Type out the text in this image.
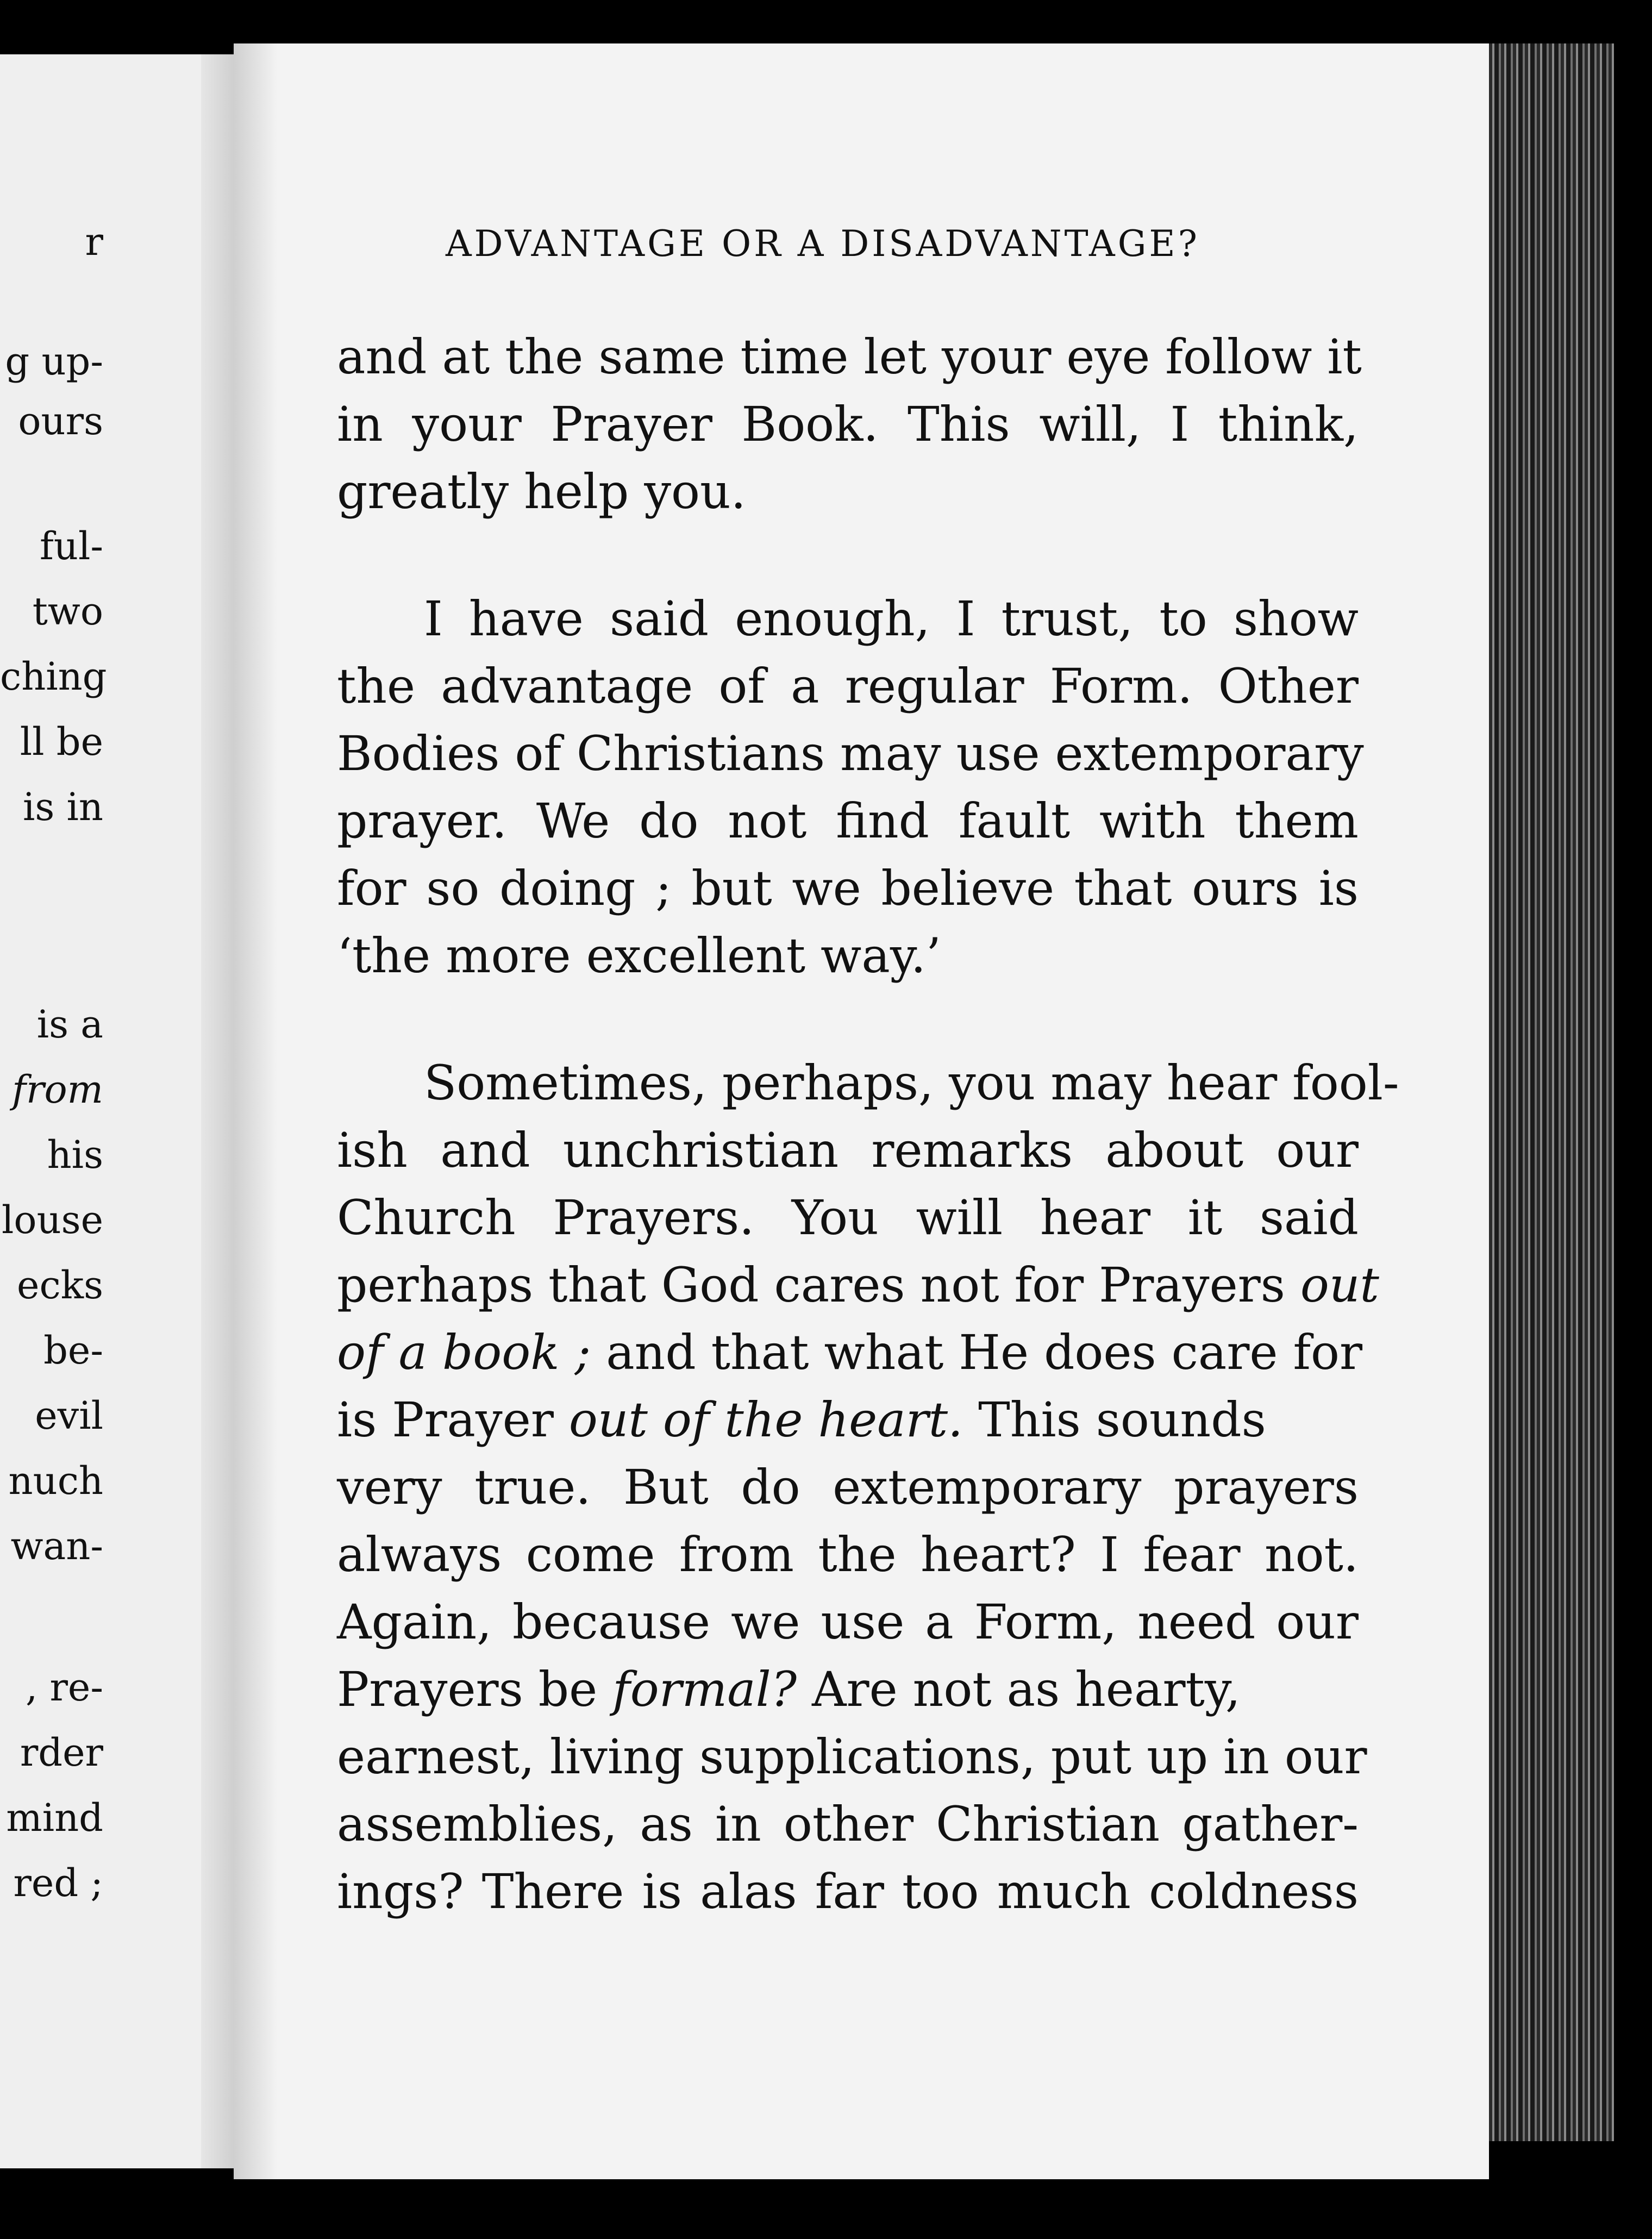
r
g up-
ours
ful-
two
ching
ll be
is in
is a
from
his
louse
ecks
be-
evil
nuch
wan-
, re-
rder
mind
red ;
ADVANTAGE OR A DISADVANTAGE?
and at the same time let your eye follow it
in your Prayer Book. This will, I think,
greatly help you.
I have said enough, I trust, to show
the advantage of a regular Form. Other
Bodies of Christians may use extemporary
prayer. We do not find fault with them
for so doing ; but we believe that ours is
‘the more excellent way.’
Sometimes, perhaps, you may hear fool-
ish and unchristian remarks about our
Church Prayers. You will hear it said
perhaps that God cares not for Prayers out
of a book ; and that what He does care for
is Prayer out of the heart. This sounds
very true. But do extemporary prayers
always come from the heart? I fear not.
Again, because we use a Form, need our
Prayers be formal? Are not as hearty,
earnest, living supplications, put up in our
assemblies, as in other Christian gather-
ings? There is alas far too much coldness
